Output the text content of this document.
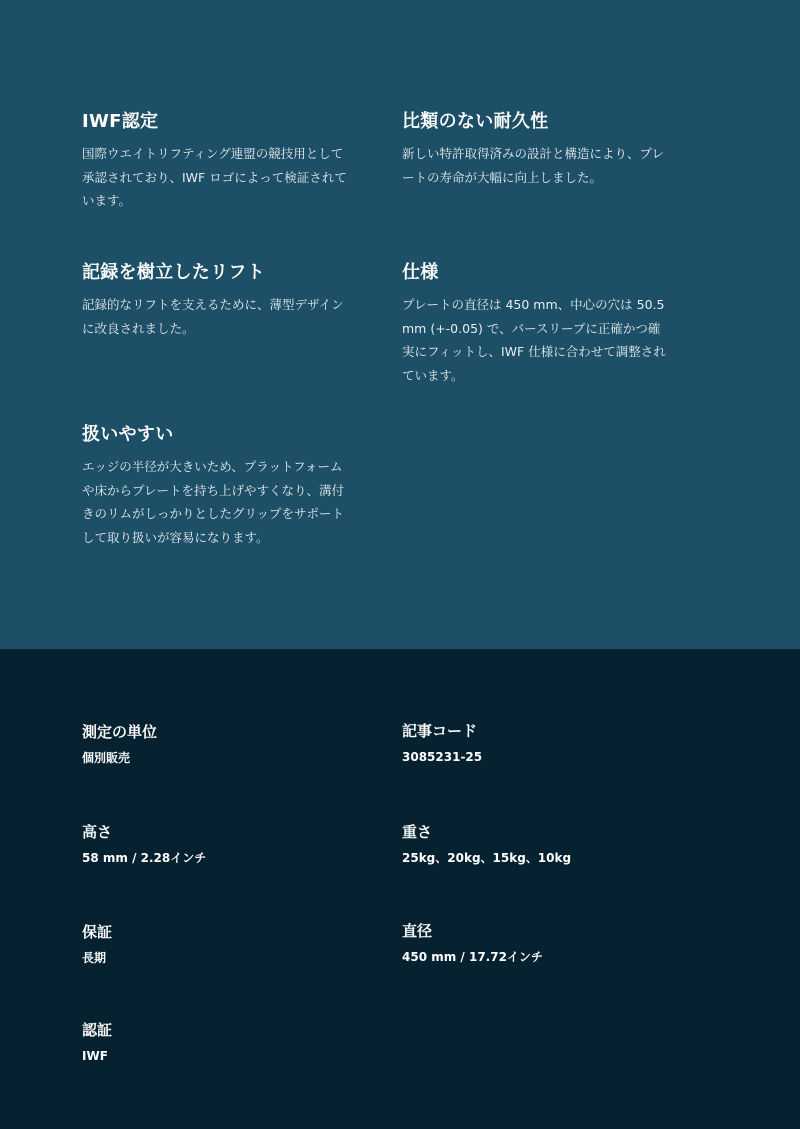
IWF認定

国際ウエイトリフティング連盟の競技用として承認されており、IWF ロゴによって検証されています。

比類のない耐久性

新しい特許取得済みの設計と構造により、プレートの寿命が大幅に向上しました。

記録を樹立したリフト

記録的なリフトを支えるために、薄型デザインに改良されました。

仕様

プレートの直径は 450 mm、中心の穴は 50.5 mm (+-0.05) で、バースリーブに正確かつ確実にフィットし、IWF 仕様に合わせて調整されています。

扱いやすい

エッジの半径が大きいため、プラットフォームや床からプレートを持ち上げやすくなり、溝付きのリムがしっかりとしたグリップをサポートして取り扱いが容易になります。

測定の単位
個別販売
記事コード
3085231-25
高さ
58 mm / 2.28インチ
重さ
25kg、20kg、15kg、10kg
保証
長期
直径
450 mm / 17.72インチ
認証
IWF
